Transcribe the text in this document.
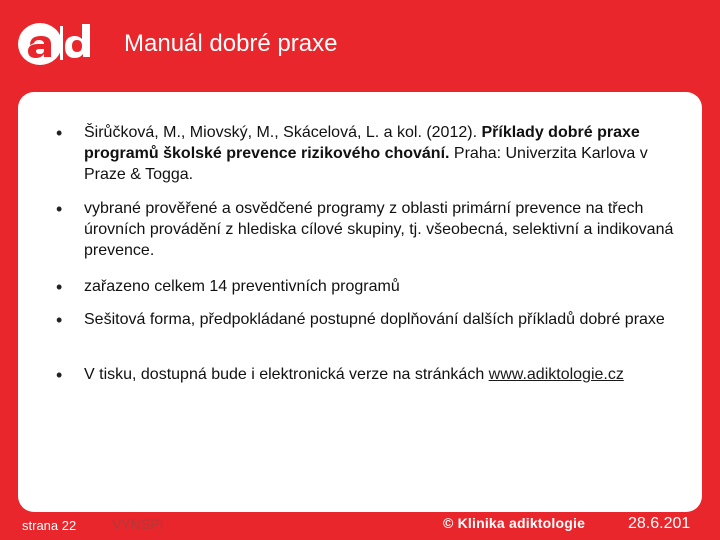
Manuál dobré praxe
• Širůčková, M., Miovský, M., Skácelová, L. a kol. (2012). Příklady dobré praxe programů školské prevence rizikového chování. Praha: Univerzita Karlova v Praze & Togga.
• vybrané prověřené a osvědčené programy z oblasti primární prevence na třech úrovních provádění z hlediska cílové skupiny, tj. všeobecná, selektivní a indikovaná prevence.
• zařazeno celkem 14 preventivních programů
• Sešitová forma, předpokládané postupné doplňování dalších příkladů dobré praxe
• V tisku, dostupná bude i elektronická verze na stránkách www.adiktologie.cz
strana 22	VYNSPI	© Klinika adiktologie	28.6.201
